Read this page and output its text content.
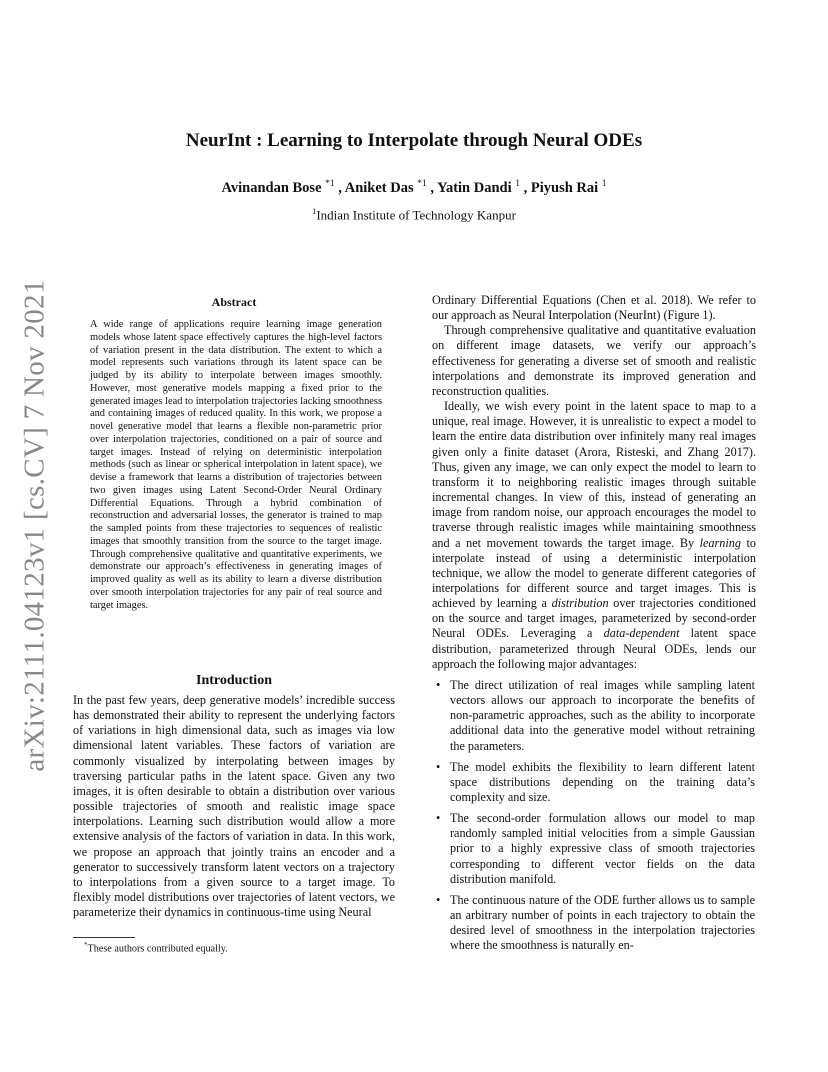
arXiv:2111.04123v1 [cs.CV] 7 Nov 2021
NeurInt : Learning to Interpolate through Neural ODEs
Avinandan Bose $^{*1}$ , Aniket Das $^{*1}$ , Yatin Dandi $^1$ , Piyush Rai $^1$
$^1$Indian Institute of Technology Kanpur
Abstract
A wide range of applications require learning image generation models whose latent space effectively captures the high-level factors of variation present in the data distribution. The extent to which a model represents such variations through its latent space can be judged by its ability to interpolate between images smoothly. However, most generative models mapping a fixed prior to the generated images lead to interpolation trajectories lacking smoothness and containing images of reduced quality. In this work, we propose a novel generative model that learns a flexible non-parametric prior over interpolation trajectories, conditioned on a pair of source and target images. Instead of relying on deterministic interpolation methods (such as linear or spherical interpolation in latent space), we devise a framework that learns a distribution of trajectories between two given images using Latent Second-Order Neural Ordinary Differential Equations. Through a hybrid combination of reconstruction and adversarial losses, the generator is trained to map the sampled points from these trajectories to sequences of realistic images that smoothly transition from the source to the target image. Through comprehensive qualitative and quantitative experiments, we demonstrate our approach’s effectiveness in generating images of improved quality as well as its ability to learn a diverse distribution over smooth interpolation trajectories for any pair of real source and target images.
Introduction
In the past few years, deep generative models’ incredible success has demonstrated their ability to represent the underlying factors of variations in high dimensional data, such as images via low dimensional latent variables. These factors of variation are commonly visualized by interpolating between images by traversing particular paths in the latent space. Given any two images, it is often desirable to obtain a distribution over various possible trajectories of smooth and realistic image space interpolations. Learning such distribution would allow a more extensive analysis of the factors of variation in data. In this work, we propose an approach that jointly trains an encoder and a generator to successively transform latent vectors on a trajectory to interpolations from a given source to a target image. To flexibly model distributions over trajectories of latent vectors, we parameterize their dynamics in continuous-time using Neural

Ordinary Differential Equations (Chen et al. 2018). We refer to our approach as Neural Interpolation (NeurInt) (Figure 1).

Through comprehensive qualitative and quantitative evaluation on different image datasets, we verify our approach’s effectiveness for generating a diverse set of smooth and realistic interpolations and demonstrate its improved generation and reconstruction qualities.

Ideally, we wish every point in the latent space to map to a unique, real image. However, it is unrealistic to expect a model to learn the entire data distribution over infinitely many real images given only a finite dataset (Arora, Risteski, and Zhang 2017). Thus, given any image, we can only expect the model to learn to transform it to neighboring realistic images through suitable incremental changes. In view of this, instead of generating an image from random noise, our approach encourages the model to traverse through realistic images while maintaining smoothness and a net movement towards the target image. By learning to interpolate instead of using a deterministic interpolation technique, we allow the model to generate different categories of interpolations for different source and target images. This is achieved by learning a distribution over trajectories conditioned on the source and target images, parameterized by second-order Neural ODEs. Leveraging a data-dependent latent space distribution, parameterized through Neural ODEs, lends our approach the following major advantages:

• The direct utilization of real images while sampling latent vectors allows our approach to incorporate the benefits of non-parametric approaches, such as the ability to incorporate additional data into the generative model without retraining the parameters.
• The model exhibits the flexibility to learn different latent space distributions depending on the training data’s complexity and size.
• The second-order formulation allows our model to map randomly sampled initial velocities from a simple Gaussian prior to a highly expressive class of smooth trajectories corresponding to different vector fields on the data distribution manifold.
• The continuous nature of the ODE further allows us to sample an arbitrary number of points in each trajectory to obtain the desired level of smoothness in the interpolation trajectories where the smoothness is naturally en-
*These authors contributed equally.
